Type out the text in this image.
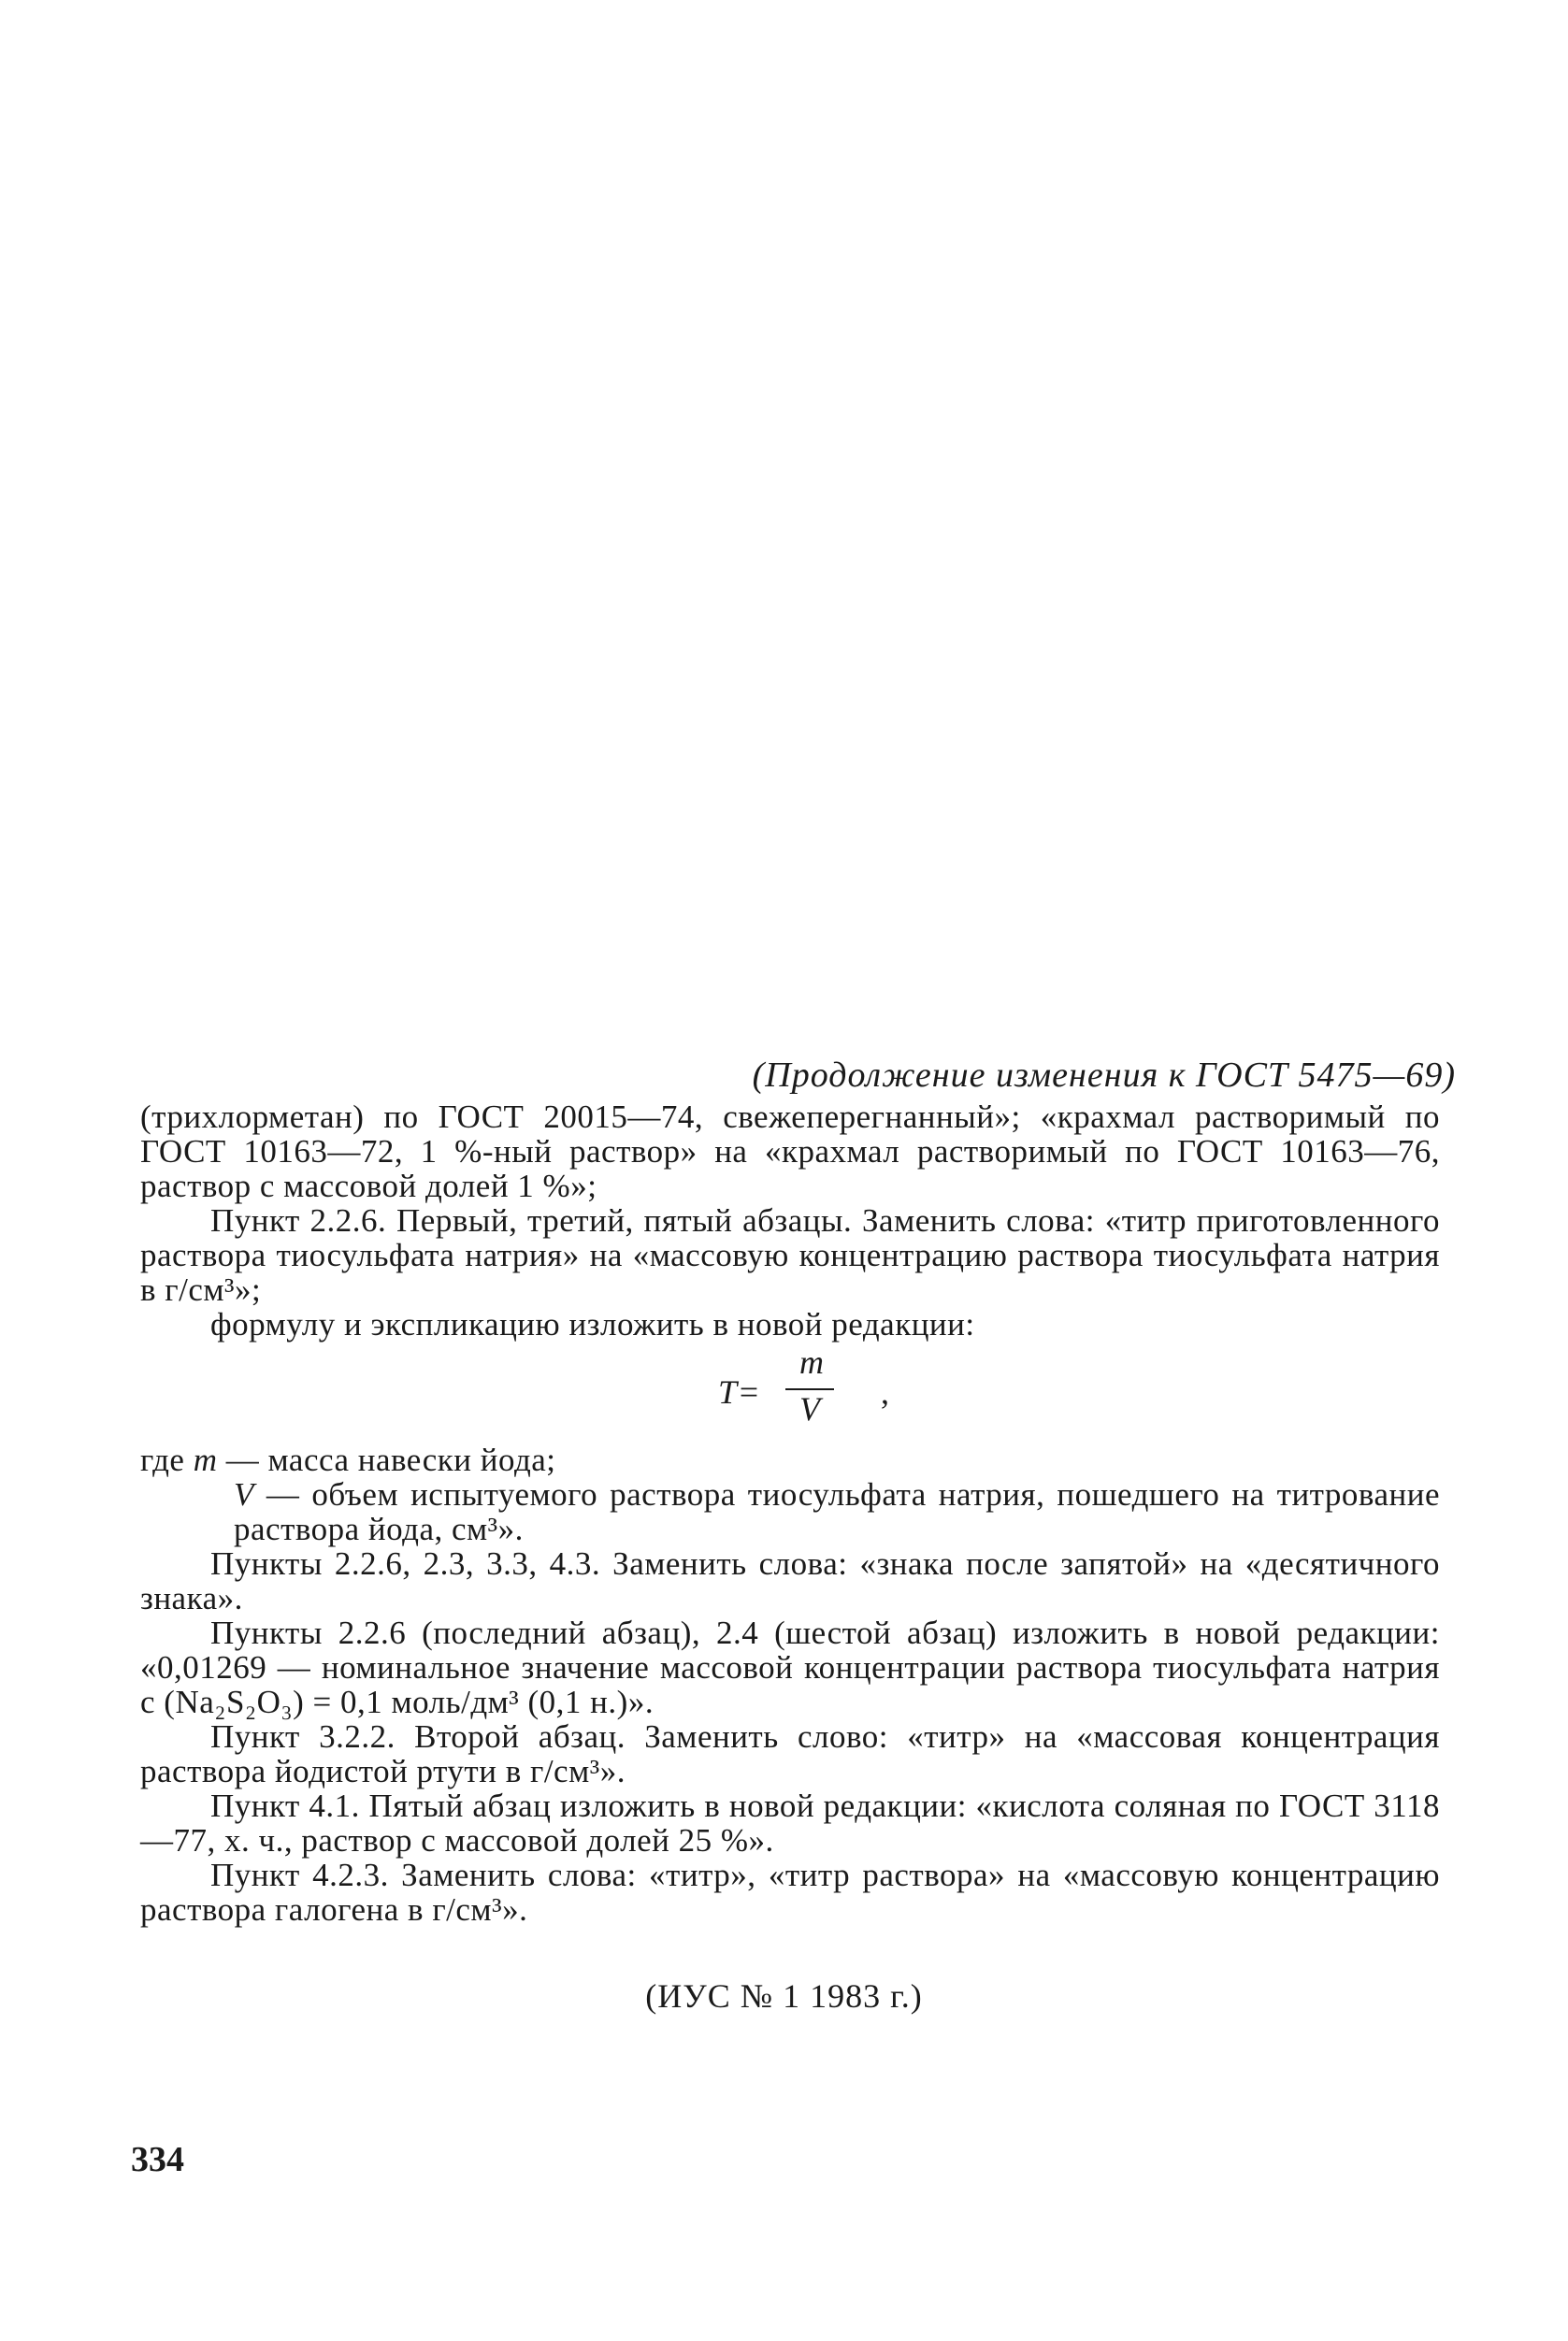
(Продолжение изменения к ГОСТ 5475—69)

(трихлорметан) по ГОСТ 20015—74, свежеперегнанный»; «крахмал растворимый по ГОСТ 10163—72, 1 %-ный раствор» на «крахмал растворимый по ГОСТ 10163—76, раствор с массовой долей 1 %»;

Пункт 2.2.6. Первый, третий, пятый абзацы. Заменить слова: «титр приготовленного раствора тиосульфата натрия» на «массовую концентрацию раствора тиосульфата натрия в г/см³»;

формулу и экспликацию изложить в новой редакции:

T=
m
V ,

где m — масса навески йода;

V — объем испытуемого раствора тиосульфата натрия, пошедшего на титрование раствора йода, см³».

Пункты 2.2.6, 2.3, 3.3, 4.3. Заменить слова: «знака после запятой» на «десятичного знака».

Пункты 2.2.6 (последний абзац), 2.4 (шестой абзац) изложить в новой редакции: «0,01269 — номинальное значение массовой концентрации раствора тиосульфата натрия с (Na₂S₂O₃) = 0,1 моль/дм³ (0,1 н.)».

Пункт 3.2.2. Второй абзац. Заменить слово: «титр» на «массовая концентрация раствора йодистой ртути в г/см³».

Пункт 4.1. Пятый абзац изложить в новой редакции: «кислота соляная по ГОСТ 3118—77, х. ч., раствор с массовой долей 25 %».

Пункт 4.2.3. Заменить слова: «титр», «титр раствора» на «массовую концентрацию раствора галогена в г/см³».

(ИУС № 1 1983 г.)
334
